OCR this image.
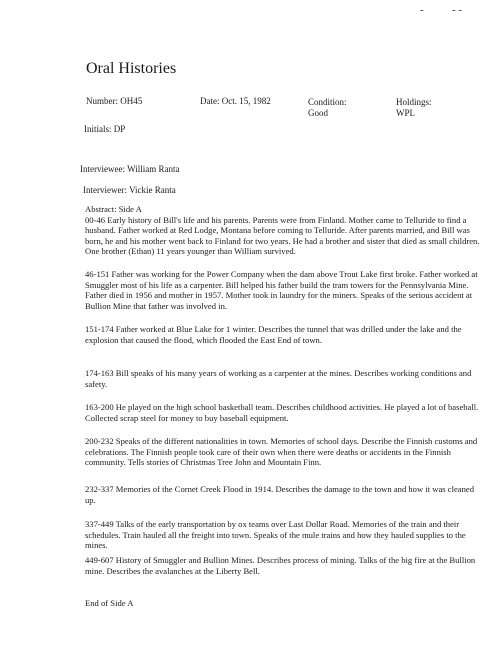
-	- -
Oral Histories
Number: OH45	Date: Oct. 15, 1982	Condition:
Good
Holdings:
WPL
Initials: DP
Interviewee: William Ranta
Interviewer: Vickie Ranta

Abstract: Side A

00-46 Early history of Bill's life and his parents. Parents were from Finland. Mother came to Telluride to find a husband. Father worked at Red Lodge, Montana before coming to Telluride. After parents married, and Bill was born, he and his mother went back to Finland for two years. He had a brother and sister that died as small children. One brother (Ethan) 11 years younger than William survived.

46-151 Father was working for the Power Company when the dam above Trout Lake first broke. Father worked at Smuggler most of his life as a carpenter. Bill helped his father build the tram towers for the Pennsylvania Mine. Father died in 1956 and mother in 1957. Mother took in laundry for the miners. Speaks of the serious accident at Bullion Mine that father was involved in.
151-174 Father worked at Blue Lake for 1 winter. Describes the tunnel that was drilled under the lake and the explosion that caused the flood, which flooded the East End of town.
174-163 Bill speaks of his many years of working as a carpenter at the mines. Describes working conditions and safety.
163-200 He played on the high school basketball team. Describes childhood activities. He played a lot of baseball. Collected scrap steel for money to buy baseball equipment.
200-232 Speaks of the different nationalities in town. Memories of school days. Describe the Finnish customs and celebrations. The Finnish people took care of their own when there were deaths or accidents in the Finnish community. Tells stories of Christmas Tree John and Mountain Finn.
232-337 Memories of the Cornet Creek Flood in 1914. Describes the damage to the town and how it was cleaned up.
337-449 Talks of the early transportation by ox teams over Last Dollar Road. Memories of the train and their schedules. Train hauled all the freight into town. Speaks of the mule trains and how they hauled supplies to the mines.
449-607 History of Smuggler and Bullion Mines. Describes process of mining. Talks of the big fire at the Bullion mine. Describes the avalanches at the Liberty Bell.
End of Side A
